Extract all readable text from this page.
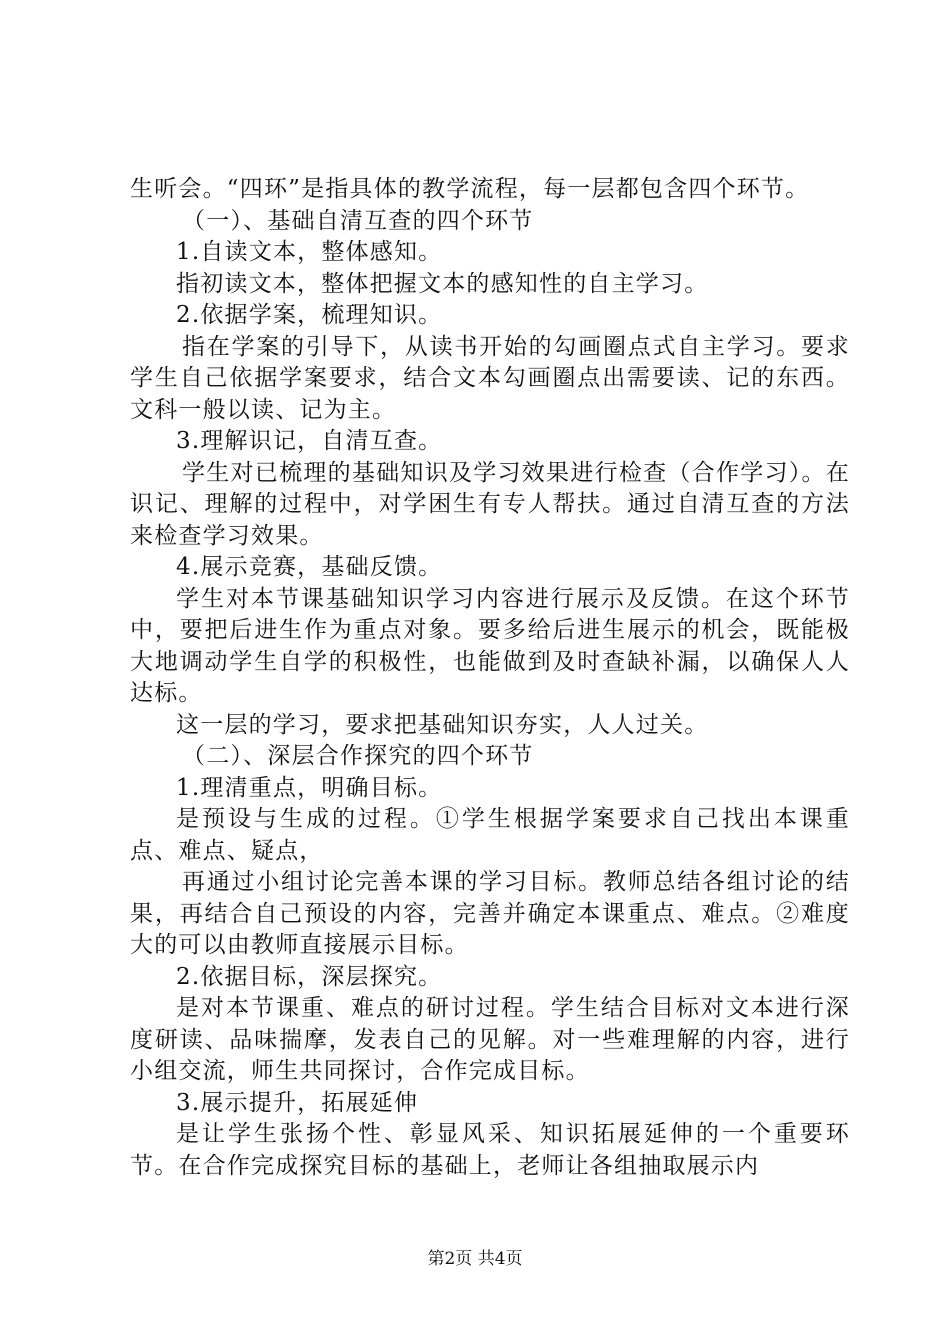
生听会。“四环”是指具体的教学流程，每一层都包含四个环节。

（一）、基础自清互查的四个环节

1.自读文本，整体感知。

指初读文本，整体把握文本的感知性的自主学习。

2.依据学案，梳理知识。

指在学案的引导下，从读书开始的勾画圈点式自主学习。要求学生自己依据学案要求，结合文本勾画圈点出需要读、记的东西。文科一般以读、记为主。

3.理解识记，自清互查。

学生对已梳理的基础知识及学习效果进行检查（合作学习）。在识记、理解的过程中，对学困生有专人帮扶。通过自清互查的方法来检查学习效果。

4.展示竞赛，基础反馈。

学生对本节课基础知识学习内容进行展示及反馈。在这个环节中，要把后进生作为重点对象。要多给后进生展示的机会，既能极大地调动学生自学的积极性，也能做到及时查缺补漏，以确保人人达标。

这一层的学习，要求把基础知识夯实，人人过关。

（二）、深层合作探究的四个环节

1.理清重点，明确目标。

是预设与生成的过程。①学生根据学案要求自己找出本课重点、难点、疑点，

再通过小组讨论完善本课的学习目标。教师总结各组讨论的结果，再结合自己预设的内容，完善并确定本课重点、难点。②难度大的可以由教师直接展示目标。

2.依据目标，深层探究。

是对本节课重、难点的研讨过程。学生结合目标对文本进行深度研读、品味揣摩，发表自己的见解。对一些难理解的内容，进行小组交流，师生共同探讨，合作完成目标。

3.展示提升，拓展延伸

是让学生张扬个性、彰显风采、知识拓展延伸的一个重要环节。在合作完成探究目标的基础上，老师让各组抽取展示内

第2页 共4页
